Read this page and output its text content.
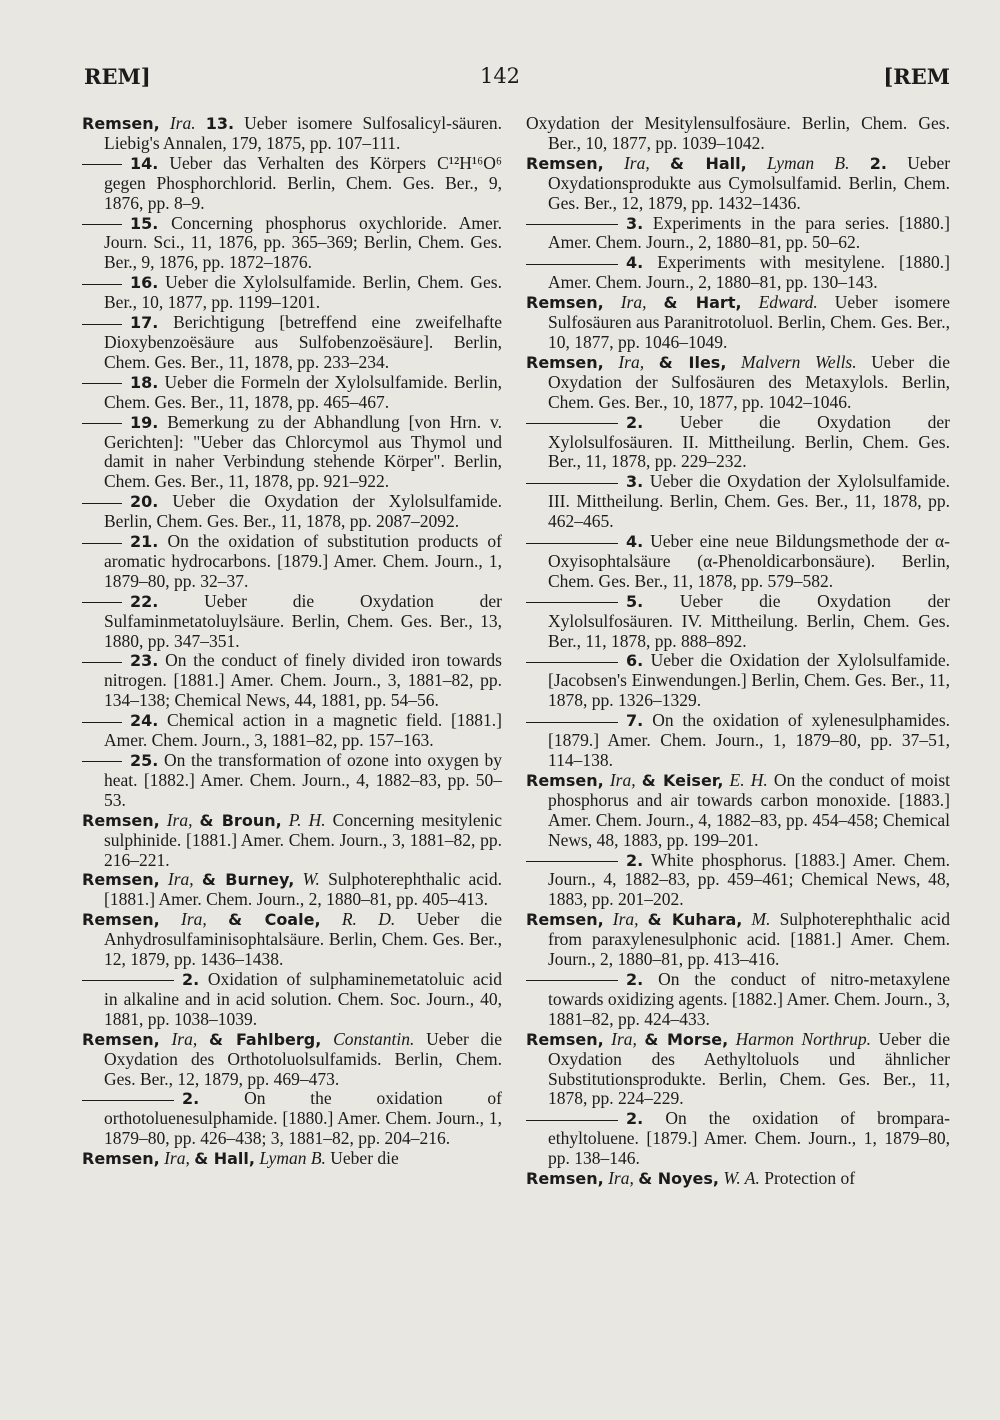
REM]	142	[REM

Remsen, Ira. 13. Ueber isomere Sulfosalicyl-säuren. Liebig's Annalen, 179, 1875, pp. 107–111.

14. Ueber das Verhalten des Körpers C¹²H¹⁶O⁶ gegen Phosphorchlorid. Berlin, Chem. Ges. Ber., 9, 1876, pp. 8–9.

15. Concerning phosphorus oxychloride. Amer. Journ. Sci., 11, 1876, pp. 365–369; Berlin, Chem. Ges. Ber., 9, 1876, pp. 1872–1876.

16. Ueber die Xylolsulfamide. Berlin, Chem. Ges. Ber., 10, 1877, pp. 1199–1201.

17. Berichtigung [betreffend eine zweifelhafte Dioxybenzoësäure aus Sulfobenzoësäure]. Berlin, Chem. Ges. Ber., 11, 1878, pp. 233–234.

18. Ueber die Formeln der Xylolsulfamide. Berlin, Chem. Ges. Ber., 11, 1878, pp. 465–467.

19. Bemerkung zu der Abhandlung [von Hrn. v. Gerichten]: "Ueber das Chlorcymol aus Thymol und damit in naher Verbindung stehende Körper". Berlin, Chem. Ges. Ber., 11, 1878, pp. 921–922.

20. Ueber die Oxydation der Xylolsulfamide. Berlin, Chem. Ges. Ber., 11, 1878, pp. 2087–2092.

21. On the oxidation of substitution products of aromatic hydrocarbons. [1879.] Amer. Chem. Journ., 1, 1879–80, pp. 32–37.

22.	Ueber die Oxydation der Sulfaminmetatoluylsäure. Berlin, Chem. Ges. Ber., 13, 1880, pp. 347–351.

23. On the conduct of finely divided iron towards nitrogen. [1881.] Amer. Chem. Journ., 3, 1881–82, pp. 134–138; Chemical News, 44, 1881, pp. 54–56.

24. Chemical action in a magnetic field. [1881.] Amer. Chem. Journ., 3, 1881–82, pp. 157–163.

25. On the transformation of ozone into oxygen by heat. [1882.] Amer. Chem. Journ., 4, 1882–83, pp. 50–53.

Remsen, Ira, & Broun, P. H. Concerning mesitylenic sulphinide. [1881.] Amer. Chem. Journ., 3, 1881–82, pp. 216–221.

Remsen, Ira, & Burney, W. Sulphoterephthalic acid. [1881.] Amer. Chem. Journ., 2, 1880–81, pp. 405–413.

Remsen, Ira, & Coale, R. D. Ueber die Anhydrosulfaminisophtalsäure. Berlin, Chem. Ges. Ber., 12, 1879, pp. 1436–1438.

2. Oxidation of sulphaminemetatoluic acid in alkaline and in acid solution. Chem. Soc. Journ., 40, 1881, pp. 1038–1039.

Remsen, Ira, & Fahlberg, Constantin. Ueber die Oxydation des Orthotoluolsulfamids. Berlin, Chem. Ges. Ber., 12, 1879, pp. 469–473.

2.	On the oxidation of orthotoluenesulphamide. [1880.] Amer. Chem. Journ., 1, 1879–80, pp. 426–438; 3, 1881–82, pp. 204–216.

Remsen, Ira, & Hall, Lyman B. Ueber die

Oxydation der Mesitylensulfosäure. Berlin, Chem. Ges. Ber., 10, 1877, pp. 1039–1042.

Remsen, Ira, & Hall, Lyman B. 2. Ueber Oxydationsprodukte aus Cymolsulfamid. Berlin, Chem. Ges. Ber., 12, 1879, pp. 1432–1436.

3. Experiments in the para series. [1880.] Amer. Chem. Journ., 2, 1880–81, pp. 50–62.

4. Experiments with mesitylene. [1880.] Amer. Chem. Journ., 2, 1880–81, pp. 130–143.

Remsen, Ira, & Hart, Edward. Ueber isomere Sulfosäuren aus Paranitrotoluol. Berlin, Chem. Ges. Ber., 10, 1877, pp. 1046–1049.

Remsen, Ira, & Iles, Malvern Wells. Ueber die Oxydation der Sulfosäuren des Metaxylols. Berlin, Chem. Ges. Ber., 10, 1877, pp. 1042–1046.

2. Ueber die Oxydation der Xylolsulfosäuren. II. Mittheilung. Berlin, Chem. Ges. Ber., 11, 1878, pp. 229–232.

3. Ueber die Oxydation der Xylolsulfamide. III. Mittheilung. Berlin, Chem. Ges. Ber., 11, 1878, pp. 462–465.

4. Ueber eine neue Bildungsmethode der α-Oxyisophtalsäure (α-Phenoldicarbonsäure). Berlin, Chem. Ges. Ber., 11, 1878, pp. 579–582.

5. Ueber die Oxydation der Xylolsulfosäuren. IV. Mittheilung. Berlin, Chem. Ges. Ber., 11, 1878, pp. 888–892.

6. Ueber die Oxidation der Xylolsulfamide. [Jacobsen's Einwendungen.] Berlin, Chem. Ges. Ber., 11, 1878, pp. 1326–1329.

7. On the oxidation of xylenesulphamides. [1879.] Amer. Chem. Journ., 1, 1879–80, pp. 37–51, 114–138.

Remsen, Ira, & Keiser, E. H. On the conduct of moist phosphorus and air towards carbon monoxide. [1883.] Amer. Chem. Journ., 4, 1882–83, pp. 454–458; Chemical News, 48, 1883, pp. 199–201.

2. White phosphorus. [1883.] Amer. Chem. Journ., 4, 1882–83, pp. 459–461; Chemical News, 48, 1883, pp. 201–202.

Remsen, Ira, & Kuhara, M. Sulphoterephthalic acid from paraxylenesulphonic acid. [1881.] Amer. Chem. Journ., 2, 1880–81, pp. 413–416.

2. On the conduct of nitro-metaxylene towards oxidizing agents. [1882.] Amer. Chem. Journ., 3, 1881–82, pp. 424–433.

Remsen, Ira, & Morse, Harmon Northrup. Ueber die Oxydation des Aethyltoluols und ähnlicher Substitutionsprodukte. Berlin, Chem. Ges. Ber., 11, 1878, pp. 224–229.

2. On the oxidation of brompara-ethyltoluene. [1879.] Amer. Chem. Journ., 1, 1879–80, pp. 138–146.

Remsen, Ira, & Noyes, W. A. Protection of
